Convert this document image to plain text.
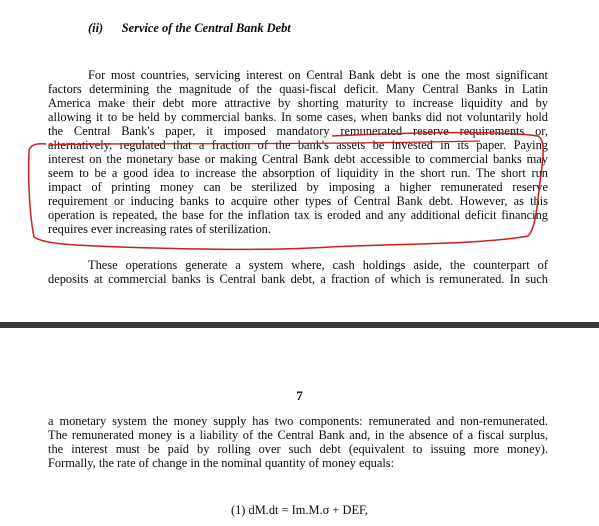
(ii) Service of the Central Bank Debt
For most countries, servicing interest on Central Bank debt is one the most significant
factors determining the magnitude of the quasi-fiscal deficit. Many Central Banks in Latin
America make their debt more attractive by shorting maturity to increase liquidity and by
allowing it to be held by commercial banks. In some cases, when banks did not voluntarily hold
the Central Bank's paper, it imposed mandatory remunerated reserve requirements or,
alternatively, regulated that a fraction of the bank's assets be invested in its paper. Paying
interest on the monetary base or making Central Bank debt accessible to commercial banks may
seem to be a good idea to increase the absorption of liquidity in the short run. The short run
impact of printing money can be sterilized by imposing a higher remunerated reserve
requirement or inducing banks to acquire other types of Central Bank debt. However, as this
operation is repeated, the base for the inflation tax is eroded and any additional deficit financing
requires ever increasing rates of sterilization.
These operations generate a system where, cash holdings aside, the counterpart of
deposits at commercial banks is Central bank debt, a fraction of which is remunerated. In such
7
a monetary system the money supply has two components: remunerated and non-remunerated.
The remunerated money is a liability of the Central Bank and, in the absence of a fiscal surplus,
the interest must be paid by rolling over such debt (equivalent to issuing more money).
Formally, the rate of change in the nominal quantity of money equals:
(1) dM.dt = Im.M.σ + DEF,
